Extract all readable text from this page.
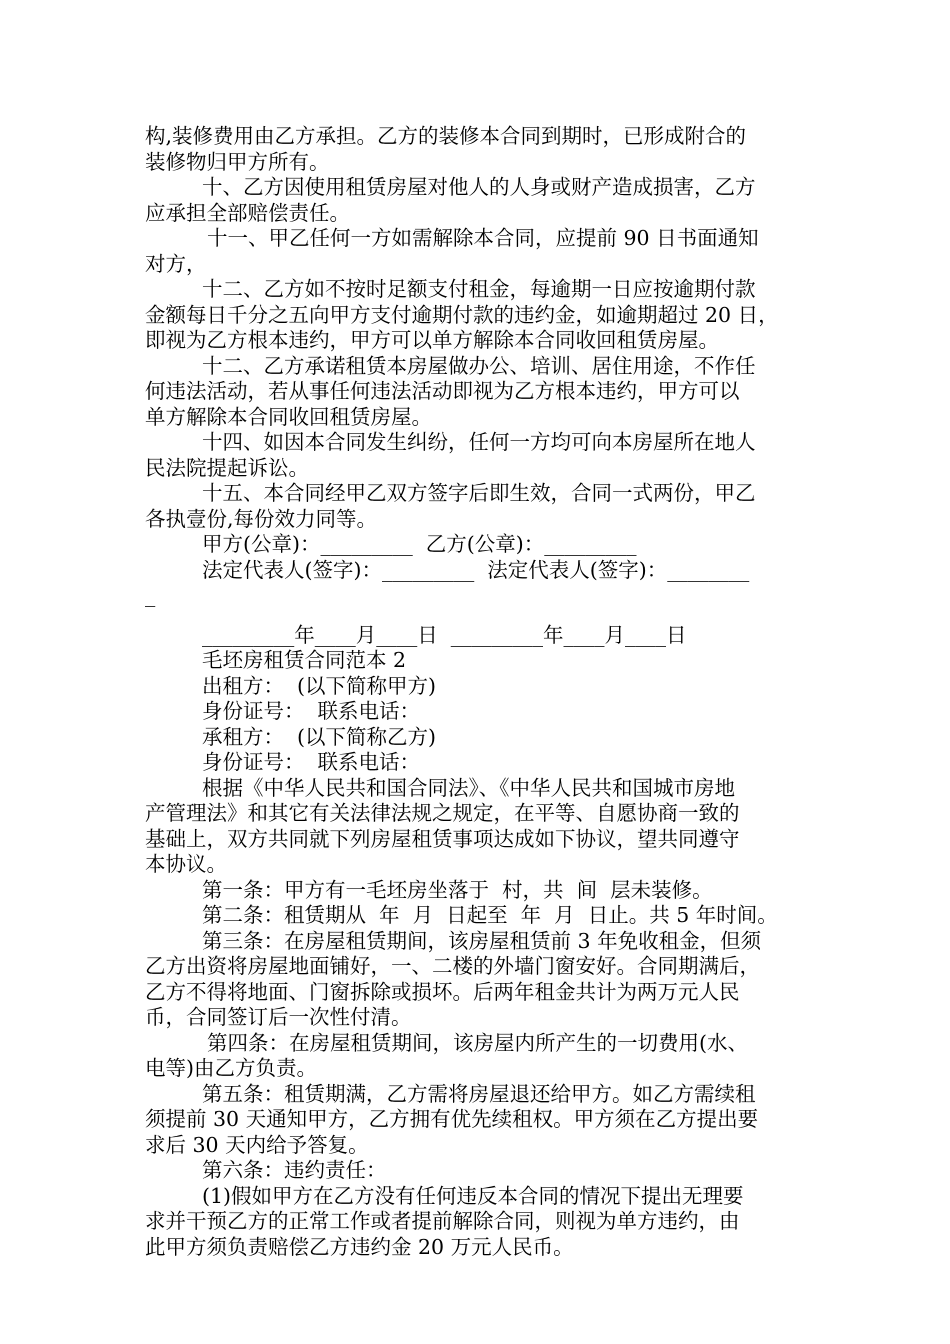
构,装修费用由乙方承担。乙方的装修本合同到期时，已形成附合的
装修物归甲方所有。
十、乙方因使用租赁房屋对他人的人身或财产造成损害，乙方
应承担全部赔偿责任。
十一、甲乙任何一方如需解除本合同，应提前 90 日书面通知
对方，
十二、乙方如不按时足额支付租金，每逾期一日应按逾期付款
金额每日千分之五向甲方支付逾期付款的违约金，如逾期超过 20 日，
即视为乙方根本违约，甲方可以单方解除本合同收回租赁房屋。
十二、乙方承诺租赁本房屋做办公、培训、居住用途，不作任
何违法活动，若从事任何违法活动即视为乙方根本违约，甲方可以
单方解除本合同收回租赁房屋。
十四、如因本合同发生纠纷，任何一方均可向本房屋所在地人
民法院提起诉讼。
十五、本合同经甲乙双方签字后即生效，合同一式两份，甲乙
各执壹份,每份效力同等。
甲方(公章)：_________  乙方(公章)：_________
法定代表人(签字)：_________  法定代表人(签字)：________
_
_________年____月____日  _________年____月____日
毛坯房租赁合同范本 2
出租方：  (以下简称甲方)
身份证号：  联系电话：
承租方：  (以下简称乙方)
身份证号：  联系电话：
根据《中华人民共和国合同法》、《中华人民共和国城市房地
产管理法》和其它有关法律法规之规定，在平等、自愿协商一致的
基础上，双方共同就下列房屋租赁事项达成如下协议，望共同遵守
本协议。
第一条：甲方有一毛坯房坐落于  村，共  间  层未装修。
第二条：租赁期从  年  月  日起至  年  月  日止。共 5 年时间。
第三条：在房屋租赁期间，该房屋租赁前 3 年免收租金，但须
乙方出资将房屋地面铺好，一、二楼的外墙门窗安好。合同期满后，
乙方不得将地面、门窗拆除或损坏。后两年租金共计为两万元人民
币，合同签订后一次性付清。
第四条：在房屋租赁期间，该房屋内所产生的一切费用(水、
电等)由乙方负责。
第五条：租赁期满，乙方需将房屋退还给甲方。如乙方需续租
须提前 30 天通知甲方，乙方拥有优先续租权。甲方须在乙方提出要
求后 30 天内给予答复。
第六条：违约责任：
(1)假如甲方在乙方没有任何违反本合同的情况下提出无理要
求并干预乙方的正常工作或者提前解除合同，则视为单方违约，由
此甲方须负责赔偿乙方违约金 20 万元人民币。
